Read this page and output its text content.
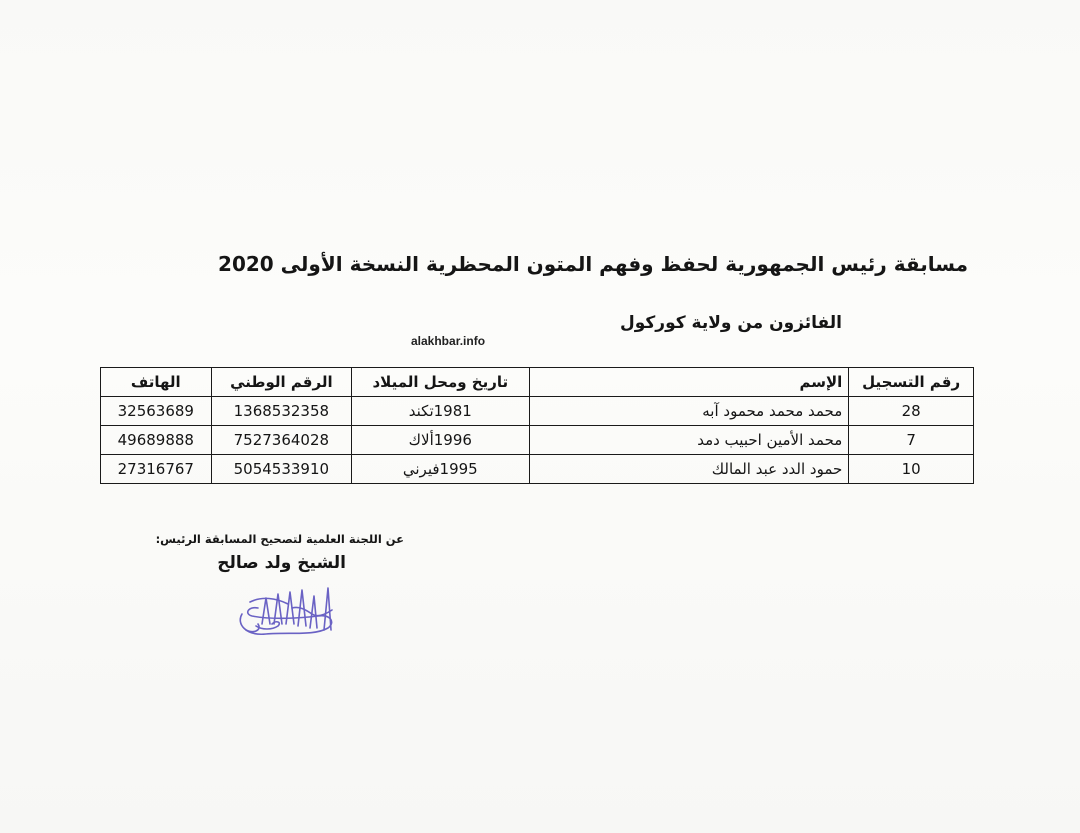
مسابقة رئيس الجمهورية لحفظ وفهم المتون المحظرية النسخة الأولى 2020
الفائزون من ولاية كوركول
alakhbar.info
رقم التسجيل	الإسم	تاريخ ومحل الميلاد	الرقم الوطني	الهاتف
28	محمد محمد محمود آبه	1981تكند	1368532358	32563689
7	محمد الأمين احبيب دمد	1996ألاك	7527364028	49689888
10	حمود الدد عبد المالك	1995فيرني	5054533910	27316767

عن اللجنة العلمية لتصحيح المسابقة الرئيس:

الشيخ ولد صالح
